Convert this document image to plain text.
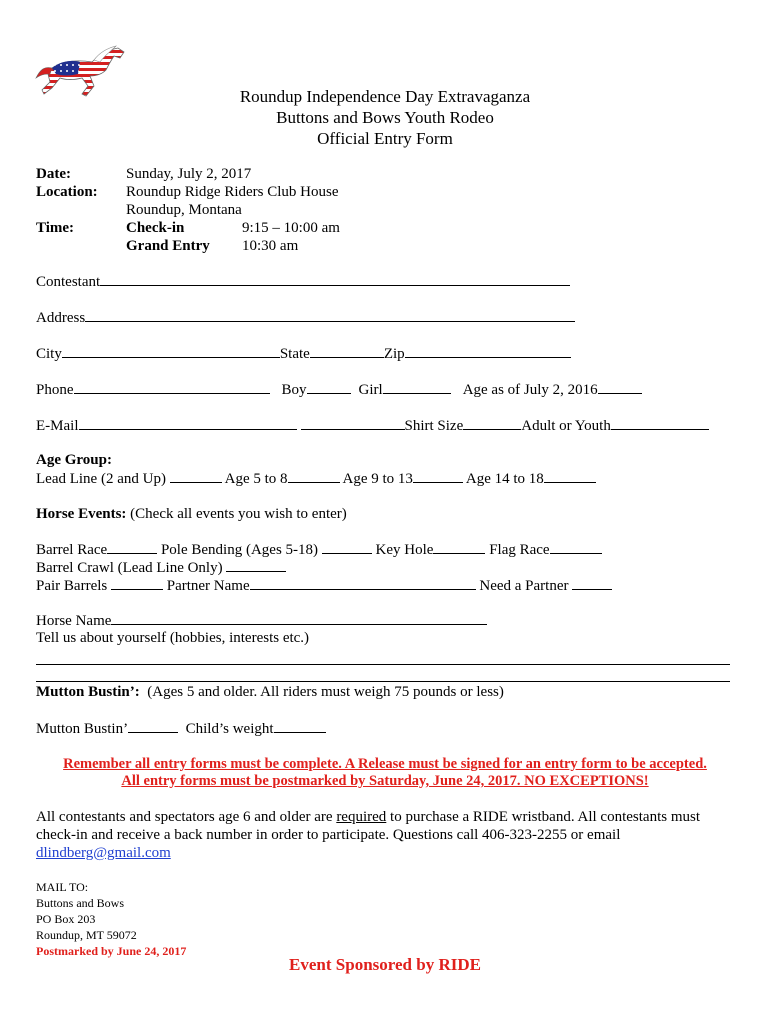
Roundup Independence Day Extravaganza
Buttons and Bows Youth Rodeo
Official Entry Form
Date:	Sunday, July 2, 2017
Location: Roundup Ridge Riders Club House
Roundup, Montana
Time:	Check-in	9:15 – 10:00 am
Grand Entry 10:30 am
Contestant
Address
City	State	Zip
Phone	Boy	Girl	Age as of July 2, 2016
E-Mail	Shirt Size	Adult or Youth
Age Group:
Lead Line (2 and Up)	Age 5 to 8	Age 9 to 13	Age 14 to 18
Horse Events: (Check all events you wish to enter)
Barrel Race	Pole Bending (Ages 5-18)	Key Hole	Flag Race
Barrel Crawl (Lead Line Only)
Pair Barrels	Partner Name	Need a Partner
Horse Name
Tell us about yourself (hobbies, interests etc.)
Mutton Bustin’: (Ages 5 and older. All riders must weigh 75 pounds or less)
Mutton Bustin’	Child’s weight
Remember all entry forms must be complete. A Release must be signed for an entry form to be accepted.
All entry forms must be postmarked by Saturday, June 24, 2017. NO EXCEPTIONS!
All contestants and spectators age 6 and older are required to purchase a RIDE wristband. All contestants must
check-in and receive a back number in order to participate. Questions call 406-323-2255 or email
dlindberg@gmail.com
MAIL TO:
Buttons and Bows
PO Box 203
Roundup, MT 59072
Postmarked by June 24, 2017
Event Sponsored by RIDE
